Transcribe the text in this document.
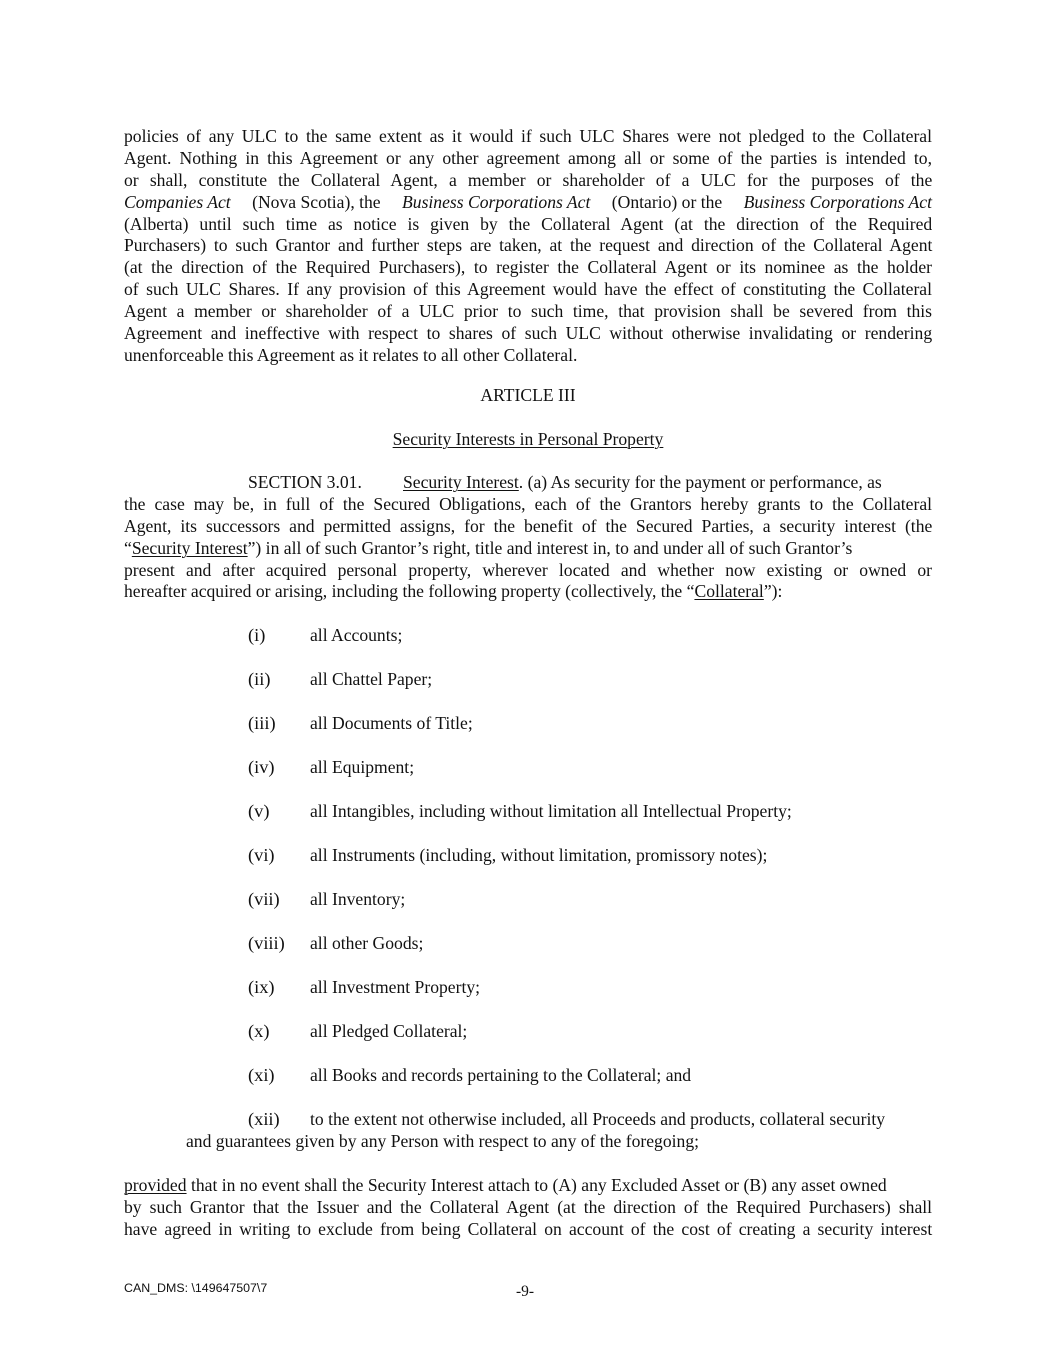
policies of any ULC to the same extent as it would if such ULC Shares were not pledged to the Collateral
Agent. Nothing in this Agreement or any other agreement among all or some of the parties is intended to,
or shall, constitute the Collateral Agent, a member or shareholder of a ULC for the purposes of the
Companies Act (Nova Scotia), the Business Corporations Act (Ontario) or the Business Corporations Act
(Alberta) until such time as notice is given by the Collateral Agent (at the direction of the Required
Purchasers) to such Grantor and further steps are taken, at the request and direction of the Collateral Agent
(at the direction of the Required Purchasers), to register the Collateral Agent or its nominee as the holder
of such ULC Shares. If any provision of this Agreement would have the effect of constituting the Collateral
Agent a member or shareholder of a ULC prior to such time, that provision shall be severed from this
Agreement and ineffective with respect to shares of such ULC without otherwise invalidating or rendering
unenforceable this Agreement as it relates to all other Collateral.
ARTICLE III
Security Interests in Personal Property
SECTION 3.01. Security Interest. (a) As security for the payment or performance, as
the case may be, in full of the Secured Obligations, each of the Grantors hereby grants to the Collateral
Agent, its successors and permitted assigns, for the benefit of the Secured Parties, a security interest (the
“Security Interest”) in all of such Grantor’s right, title and interest in, to and under all of such Grantor’s
present and after acquired personal property, wherever located and whether now existing or owned or
hereafter acquired or arising, including the following property (collectively, the “Collateral”):
(i)	all Accounts;
(ii) all Chattel Paper;
(iii) all Documents of Title;
(iv) all Equipment;
(v) all Intangibles, including without limitation all Intellectual Property;
(vi) all Instruments (including, without limitation, promissory notes);
(vii) all Inventory;
(viii) all other Goods;
(ix) all Investment Property;
(x) all Pledged Collateral;
(xi) all Books and records pertaining to the Collateral; and
(xii) to the extent not otherwise included, all Proceeds and products, collateral security
and guarantees given by any Person with respect to any of the foregoing;
provided that in no event shall the Security Interest attach to (A) any Excluded Asset or (B) any asset owned
by such Grantor that the Issuer and the Collateral Agent (at the direction of the Required Purchasers) shall
have agreed in writing to exclude from being Collateral on account of the cost of creating a security interest
CAN_DMS: \149647507\7	-9-
